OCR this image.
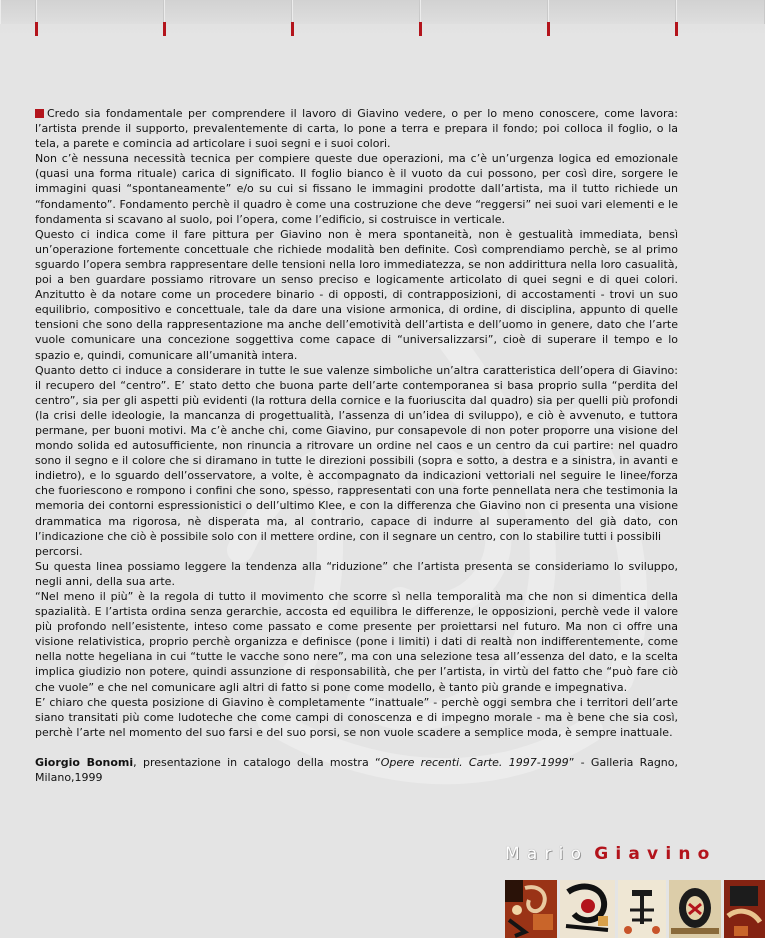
Credo sia fondamentale per comprendere il lavoro di Giavino vedere, o per lo meno conoscere, come lavora: l’artista prende il supporto, prevalentemente di carta, lo pone a terra e prepara il fondo; poi colloca il foglio, o la tela, a parete e comincia ad articolare i suoi segni e i suoi colori.

Non c’è nessuna necessità tecnica per compiere queste due operazioni, ma c’è un’urgenza logica ed emozionale (quasi una forma rituale) carica di significato. Il foglio bianco è il vuoto da cui possono, per così dire, sorgere le immagini quasi “spontaneamente” e/o su cui si fissano le immagini prodotte dall’artista, ma il tutto richiede un “fondamento”. Fondamento perchè il quadro è come una costruzione che deve “reggersi” nei suoi vari elementi e le fondamenta si scavano al suolo, poi l’opera, come l’edificio, si costruisce in verticale.

Questo ci indica come il fare pittura per Giavino non è mera spontaneità, non è gestualità immediata, bensì un’operazione fortemente concettuale che richiede modalità ben definite. Così comprendiamo perchè, se al primo sguardo l’opera sembra rappresentare delle tensioni nella loro immediatezza, se non addirittura nella loro casualità, poi a ben guardare possiamo ritrovare un senso preciso e logicamente articolato di quei segni e di quei colori. Anzitutto è da notare come un procedere binario - di opposti, di contrapposizioni, di accostamenti - trovi un suo equilibrio, compositivo e concettuale, tale da dare una visione armonica, di ordine, di disciplina, appunto di quelle tensioni che sono della rappresentazione ma anche dell’emotività dell’artista e dell’uomo in genere, dato che l’arte vuole comunicare una concezione soggettiva come capace di “universalizzarsi”, cioè di superare il tempo e lo spazio e, quindi, comunicare all’umanità intera.

Quanto detto ci induce a considerare in tutte le sue valenze simboliche un’altra caratteristica dell’opera di Giavino: il recupero del “centro”. E’ stato detto che buona parte dell’arte contemporanea si basa proprio sulla “perdita del centro”, sia per gli aspetti più evidenti (la rottura della cornice e la fuoriuscita dal quadro) sia per quelli più profondi (la crisi delle ideologie, la mancanza di progettualità, l’assenza di un’idea di sviluppo), e ciò è avvenuto, e tuttora permane, per buoni motivi. Ma c’è anche chi, come Giavino, pur consapevole di non poter proporre una visione del mondo solida ed autosufficiente, non rinuncia a ritrovare un ordine nel caos e un centro da cui partire: nel quadro sono il segno e il colore che si diramano in tutte le direzioni possibili (sopra e sotto, a destra e a sinistra, in avanti e indietro), e lo sguardo dell’osservatore, a volte, è accompagnato da indicazioni vettoriali nel seguire le linee/forza che fuoriescono e rompono i confini che sono, spesso, rappresentati con una forte pennellata nera che testimonia la memoria dei contorni espressionistici o dell’ultimo Klee, e con la differenza che Giavino non ci presenta una visione drammatica ma rigorosa, nè disperata ma, al contrario, capace di indurre al superamento del già dato, con l’indicazione che ciò è possibile solo con il mettere ordine, con il segnare un centro, con lo stabilire tutti i possibili

percorsi.

Su questa linea possiamo leggere la tendenza alla “riduzione” che l’artista presenta se consideriamo lo sviluppo, negli anni, della sua arte.

“Nel meno il più” è la regola di tutto il movimento che scorre sì nella temporalità ma che non si dimentica della spazialità. E l’artista ordina senza gerarchie, accosta ed equilibra le differenze, le opposizioni, perchè vede il valore più profondo nell’esistente, inteso come passato e come presente per proiettarsi nel futuro. Ma non ci offre una visione relativistica, proprio perchè organizza e definisce (pone i limiti) i dati di realtà non indifferentemente, come nella notte hegeliana in cui “tutte le vacche sono nere”, ma con una selezione tesa all’essenza del dato, e la scelta implica giudizio non potere, quindi assunzione di responsabilità, che per l’artista, in virtù del fatto che “può fare ciò che vuole” e che nel comunicare agli altri di fatto si pone come modello, è tanto più grande e impegnativa.

E’ chiaro che questa posizione di Giavino è completamente “inattuale” - perchè oggi sembra che i territori dell’arte siano transitati più come ludoteche che come campi di conoscenza e di impegno morale - ma è bene che sia così, perchè l’arte nel momento del suo farsi e del suo porsi, se non vuole scadere a semplice moda, è sempre inattuale.

Giorgio Bonomi, presentazione in catalogo della mostra “Opere recenti. Carte. 1997-1999” - Galleria Ragno, Milano,1999

Mario Giavino
